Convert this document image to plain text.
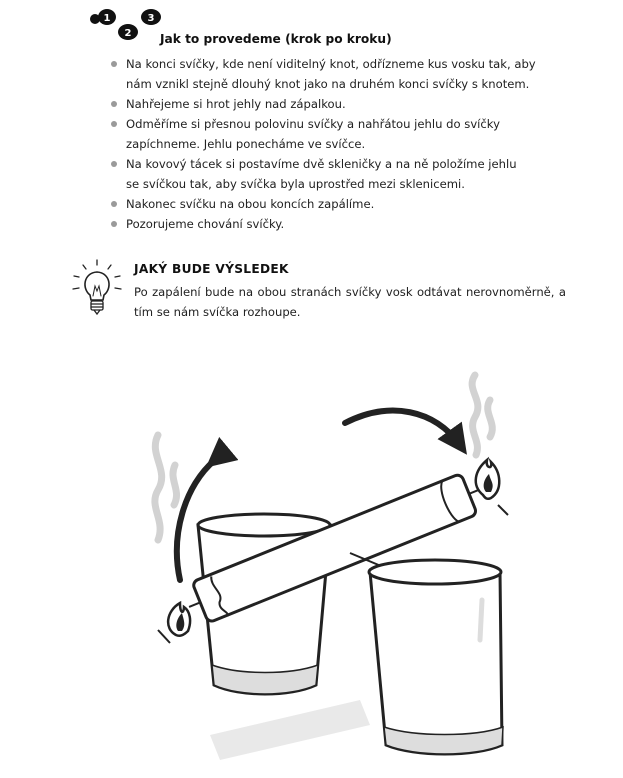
1
2
3
Jak to provedeme (krok po kroku)
Na konci svíčky, kde není viditelný knot, odřízneme kus vosku tak, aby
nám vznikl stejně dlouhý knot jako na druhém konci svíčky s knotem.
Nahřejeme si hrot jehly nad zápalkou.
Odměříme si přesnou polovinu svíčky a nahřátou jehlu do svíčky
zapíchneme. Jehlu ponecháme ve svíčce.
Na kovový tácek si postavíme dvě skleničky a na ně položíme jehlu
se svíčkou tak, aby svíčka byla uprostřed mezi sklenicemi.
Nakonec svíčku na obou koncích zapálíme.
Pozorujeme chování svíčky.
JAKÝ BUDE VÝSLEDEK
Po zapálení bude na obou stranách svíčky vosk odtávat nerovnoměrně, a tím se nám svíčka rozhoupe.
